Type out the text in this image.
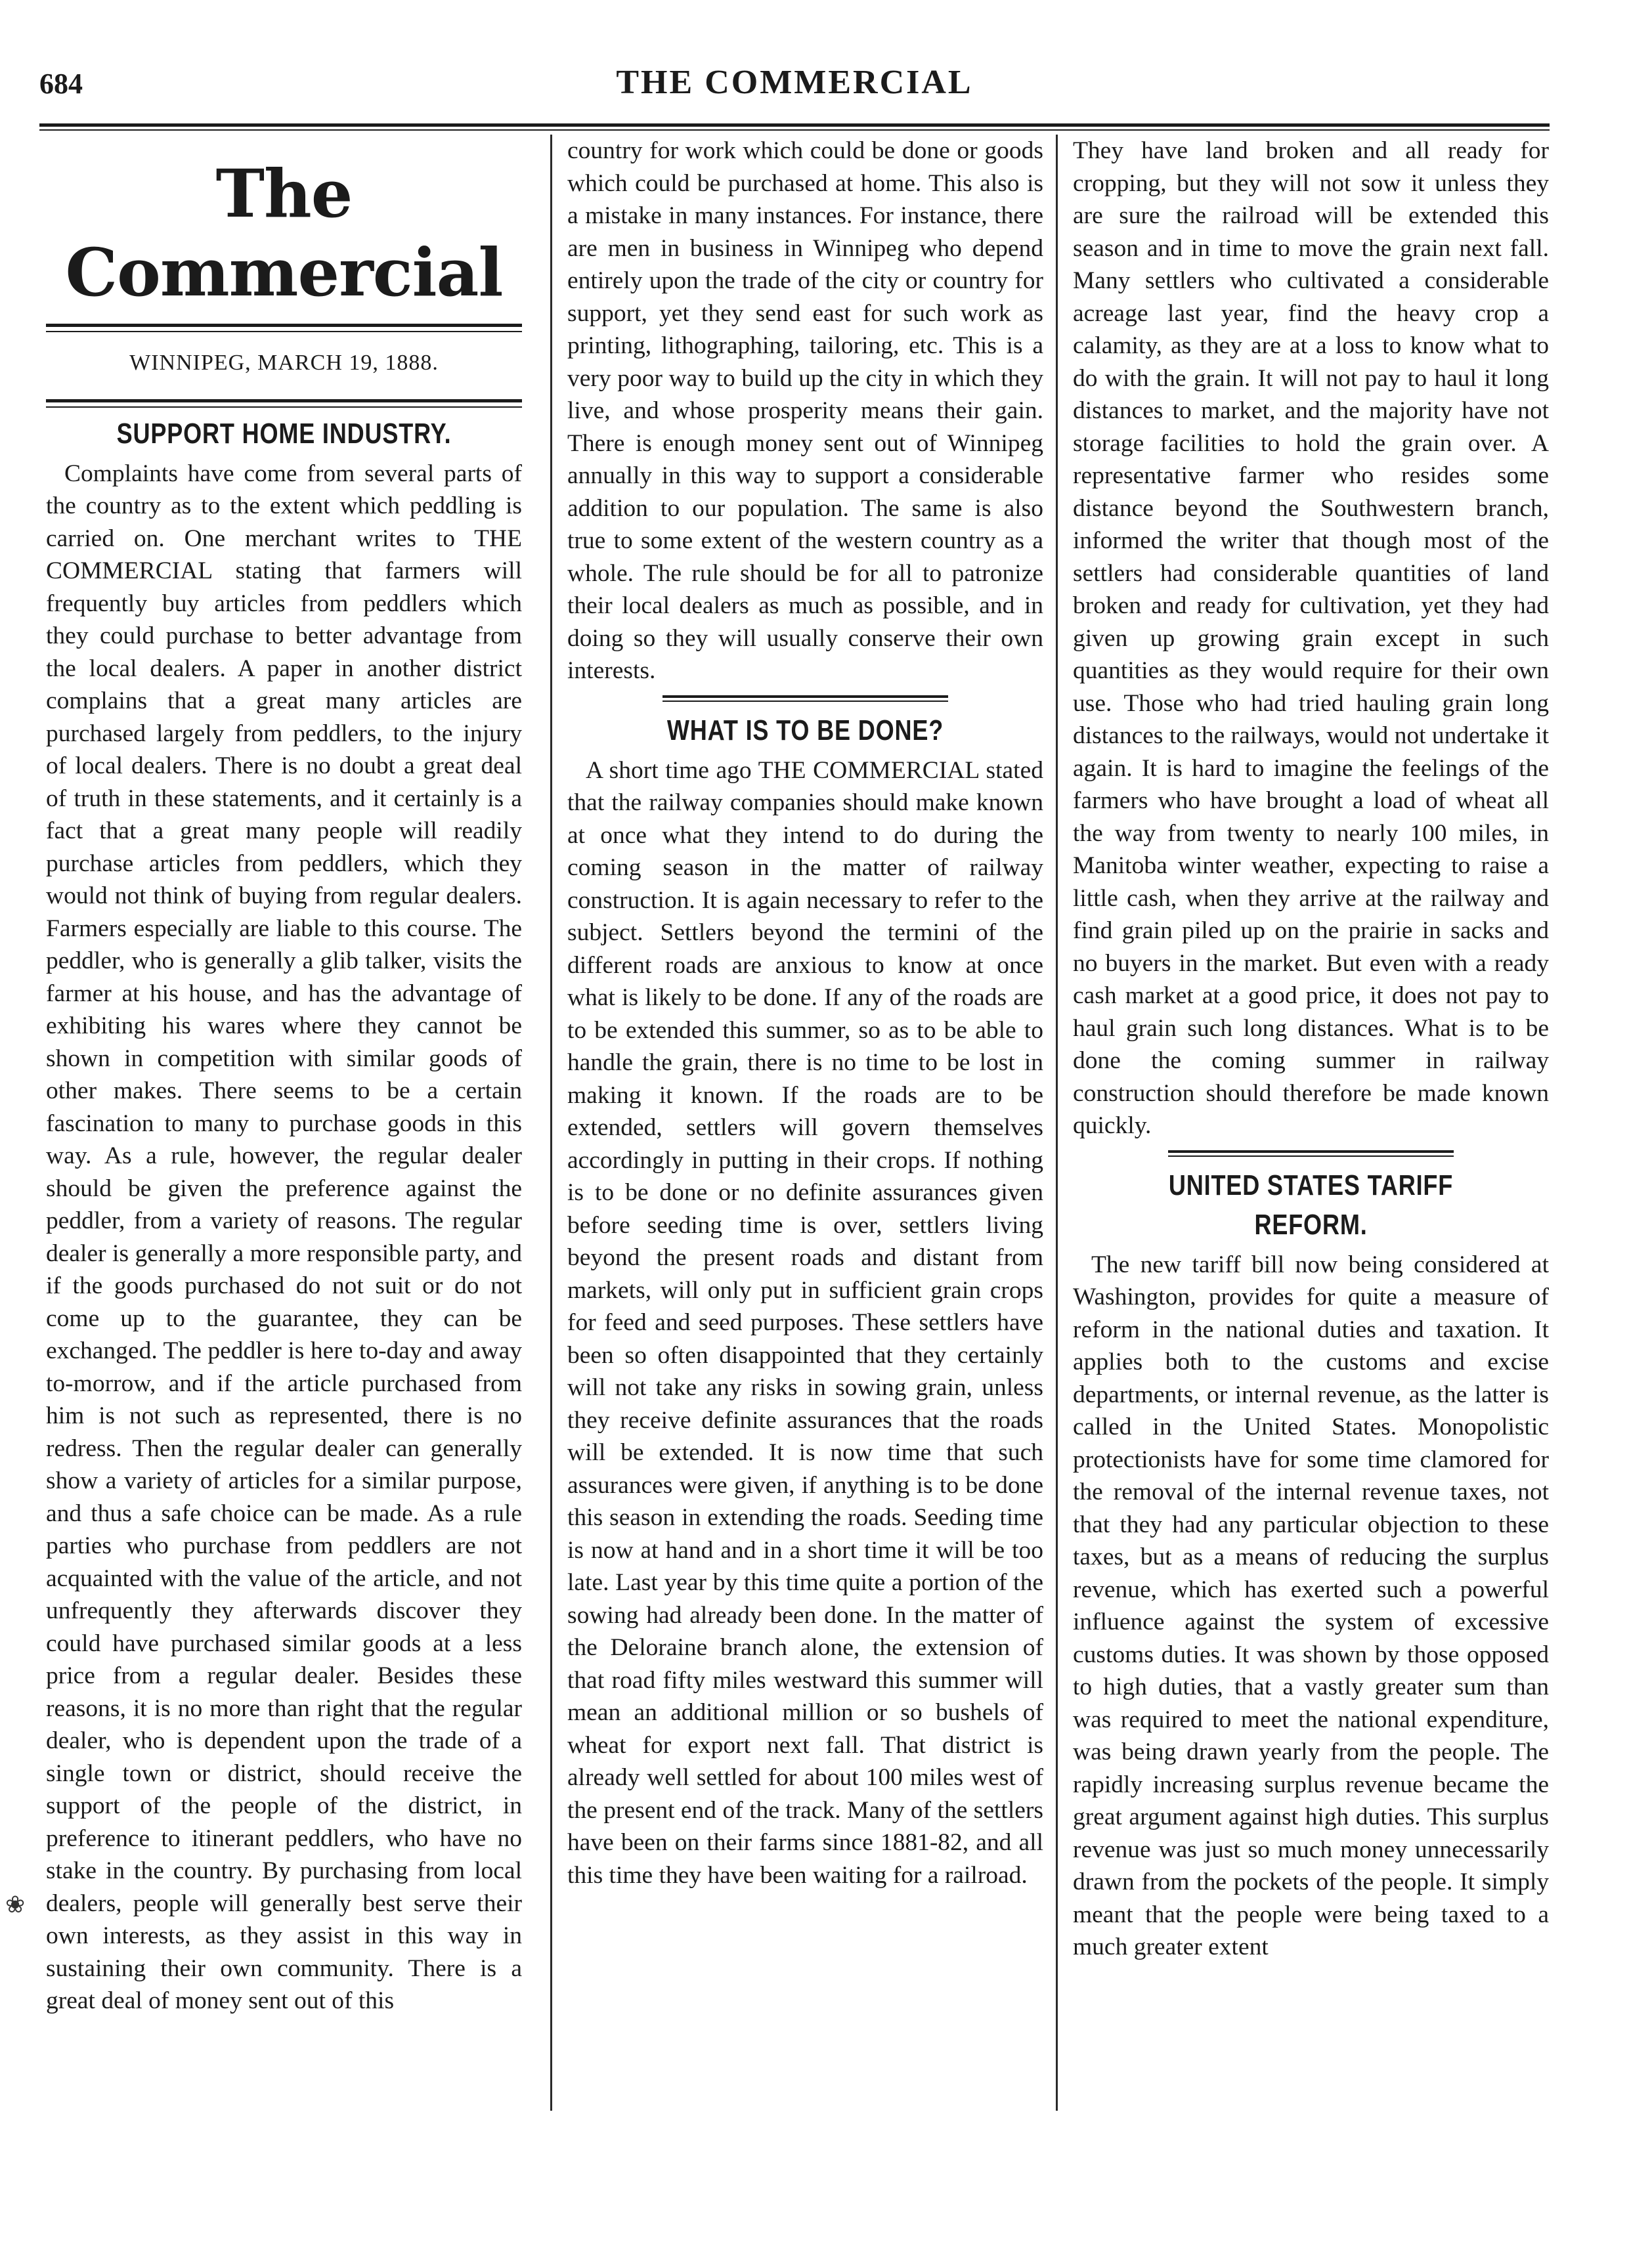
684	THE COMMERCIAL
The Commercial
WINNIPEG, MARCH 19, 1888.
SUPPORT HOME INDUSTRY.

Complaints have come from several parts of the country as to the extent which peddling is carried on. One merchant writes to THE COMMERCIAL stating that farmers will frequently buy articles from peddlers which they could purchase to better advantage from the local dealers. A paper in another district complains that a great many articles are purchased largely from peddlers, to the injury of local dealers. There is no doubt a great deal of truth in these statements, and it certainly is a fact that a great many people will readily purchase articles from peddlers, which they would not think of buying from regular dealers. Farmers especially are liable to this course. The peddler, who is generally a glib talker, visits the farmer at his house, and has the advantage of exhibiting his wares where they cannot be shown in competition with similar goods of other makes. There seems to be a certain fascination to many to purchase goods in this way. As a rule, however, the regular dealer should be given the preference against the peddler, from a variety of reasons. The regular dealer is generally a more responsible party, and if the goods purchased do not suit or do not come up to the guarantee, they can be exchanged. The peddler is here to-day and away to-morrow, and if the article purchased from him is not such as represented, there is no redress. Then the regular dealer can generally show a variety of articles for a similar purpose, and thus a safe choice can be made. As a rule parties who purchase from peddlers are not acquainted with the value of the article, and not unfrequently they afterwards discover they could have purchased similar goods at a less price from a regular dealer. Besides these reasons, it is no more than right that the regular dealer, who is dependent upon the trade of a single town or district, should receive the support of the people of the district, in preference to itinerant peddlers, who have no stake in the country. By purchasing from local dealers, people will generally best serve their own interests, as they assist in this way in sustaining their own community. There is a great deal of money sent out of this

country for work which could be done or goods which could be purchased at home. This also is a mistake in many instances. For instance, there are men in business in Winnipeg who depend entirely upon the trade of the city or country for support, yet they send east for such work as printing, lithographing, tailoring, etc. This is a very poor way to build up the city in which they live, and whose prosperity means their gain. There is enough money sent out of Winnipeg annually in this way to support a considerable addition to our population. The same is also true to some extent of the western country as a whole. The rule should be for all to patronize their local dealers as much as possible, and in doing so they will usually conserve their own interests.

WHAT IS TO BE DONE?

A short time ago THE COMMERCIAL stated that the railway companies should make known at once what they intend to do during the coming season in the matter of railway construction. It is again necessary to refer to the subject. Settlers beyond the termini of the different roads are anxious to know at once what is likely to be done. If any of the roads are to be extended this summer, so as to be able to handle the grain, there is no time to be lost in making it known. If the roads are to be extended, settlers will govern themselves accordingly in putting in their crops. If nothing is to be done or no definite assurances given before seeding time is over, settlers living beyond the present roads and distant from markets, will only put in sufficient grain crops for feed and seed purposes. These settlers have been so often disappointed that they certainly will not take any risks in sowing grain, unless they receive definite assurances that the roads will be extended. It is now time that such assurances were given, if anything is to be done this season in extending the roads. Seeding time is now at hand and in a short time it will be too late. Last year by this time quite a portion of the sowing had already been done. In the matter of the Deloraine branch alone, the extension of that road fifty miles westward this summer will mean an additional million or so bushels of wheat for export next fall. That district is already well settled for about 100 miles west of the present end of the track. Many of the settlers have been on their farms since 1881-82, and all this time they have been waiting for a railroad.

They have land broken and all ready for cropping, but they will not sow it unless they are sure the railroad will be extended this season and in time to move the grain next fall. Many settlers who cultivated a considerable acreage last year, find the heavy crop a calamity, as they are at a loss to know what to do with the grain. It will not pay to haul it long distances to market, and the majority have not storage facilities to hold the grain over. A representative farmer who resides some distance beyond the Southwestern branch, informed the writer that though most of the settlers had considerable quantities of land broken and ready for cultivation, yet they had given up growing grain except in such quantities as they would require for their own use. Those who had tried hauling grain long distances to the railways, would not undertake it again. It is hard to imagine the feelings of the farmers who have brought a load of wheat all the way from twenty to nearly 100 miles, in Manitoba winter weather, expecting to raise a little cash, when they arrive at the railway and find grain piled up on the prairie in sacks and no buyers in the market. But even with a ready cash market at a good price, it does not pay to haul grain such long distances. What is to be done the coming summer in railway construction should therefore be made known quickly.

UNITED STATES TARIFF REFORM.

The new tariff bill now being considered at Washington, provides for quite a measure of reform in the national duties and taxation. It applies both to the customs and excise departments, or internal revenue, as the latter is called in the United States. Monopolistic protectionists have for some time clamored for the removal of the internal revenue taxes, not that they had any particular objection to these taxes, but as a means of reducing the surplus revenue, which has exerted such a powerful influence against the system of excessive customs duties. It was shown by those opposed to high duties, that a vastly greater sum than was required to meet the national expenditure, was being drawn yearly from the people. The rapidly increasing surplus revenue became the great argument against high duties. This surplus revenue was just so much money unnecessarily drawn from the pockets of the people. It simply meant that the people were being taxed to a much greater extent

❀
